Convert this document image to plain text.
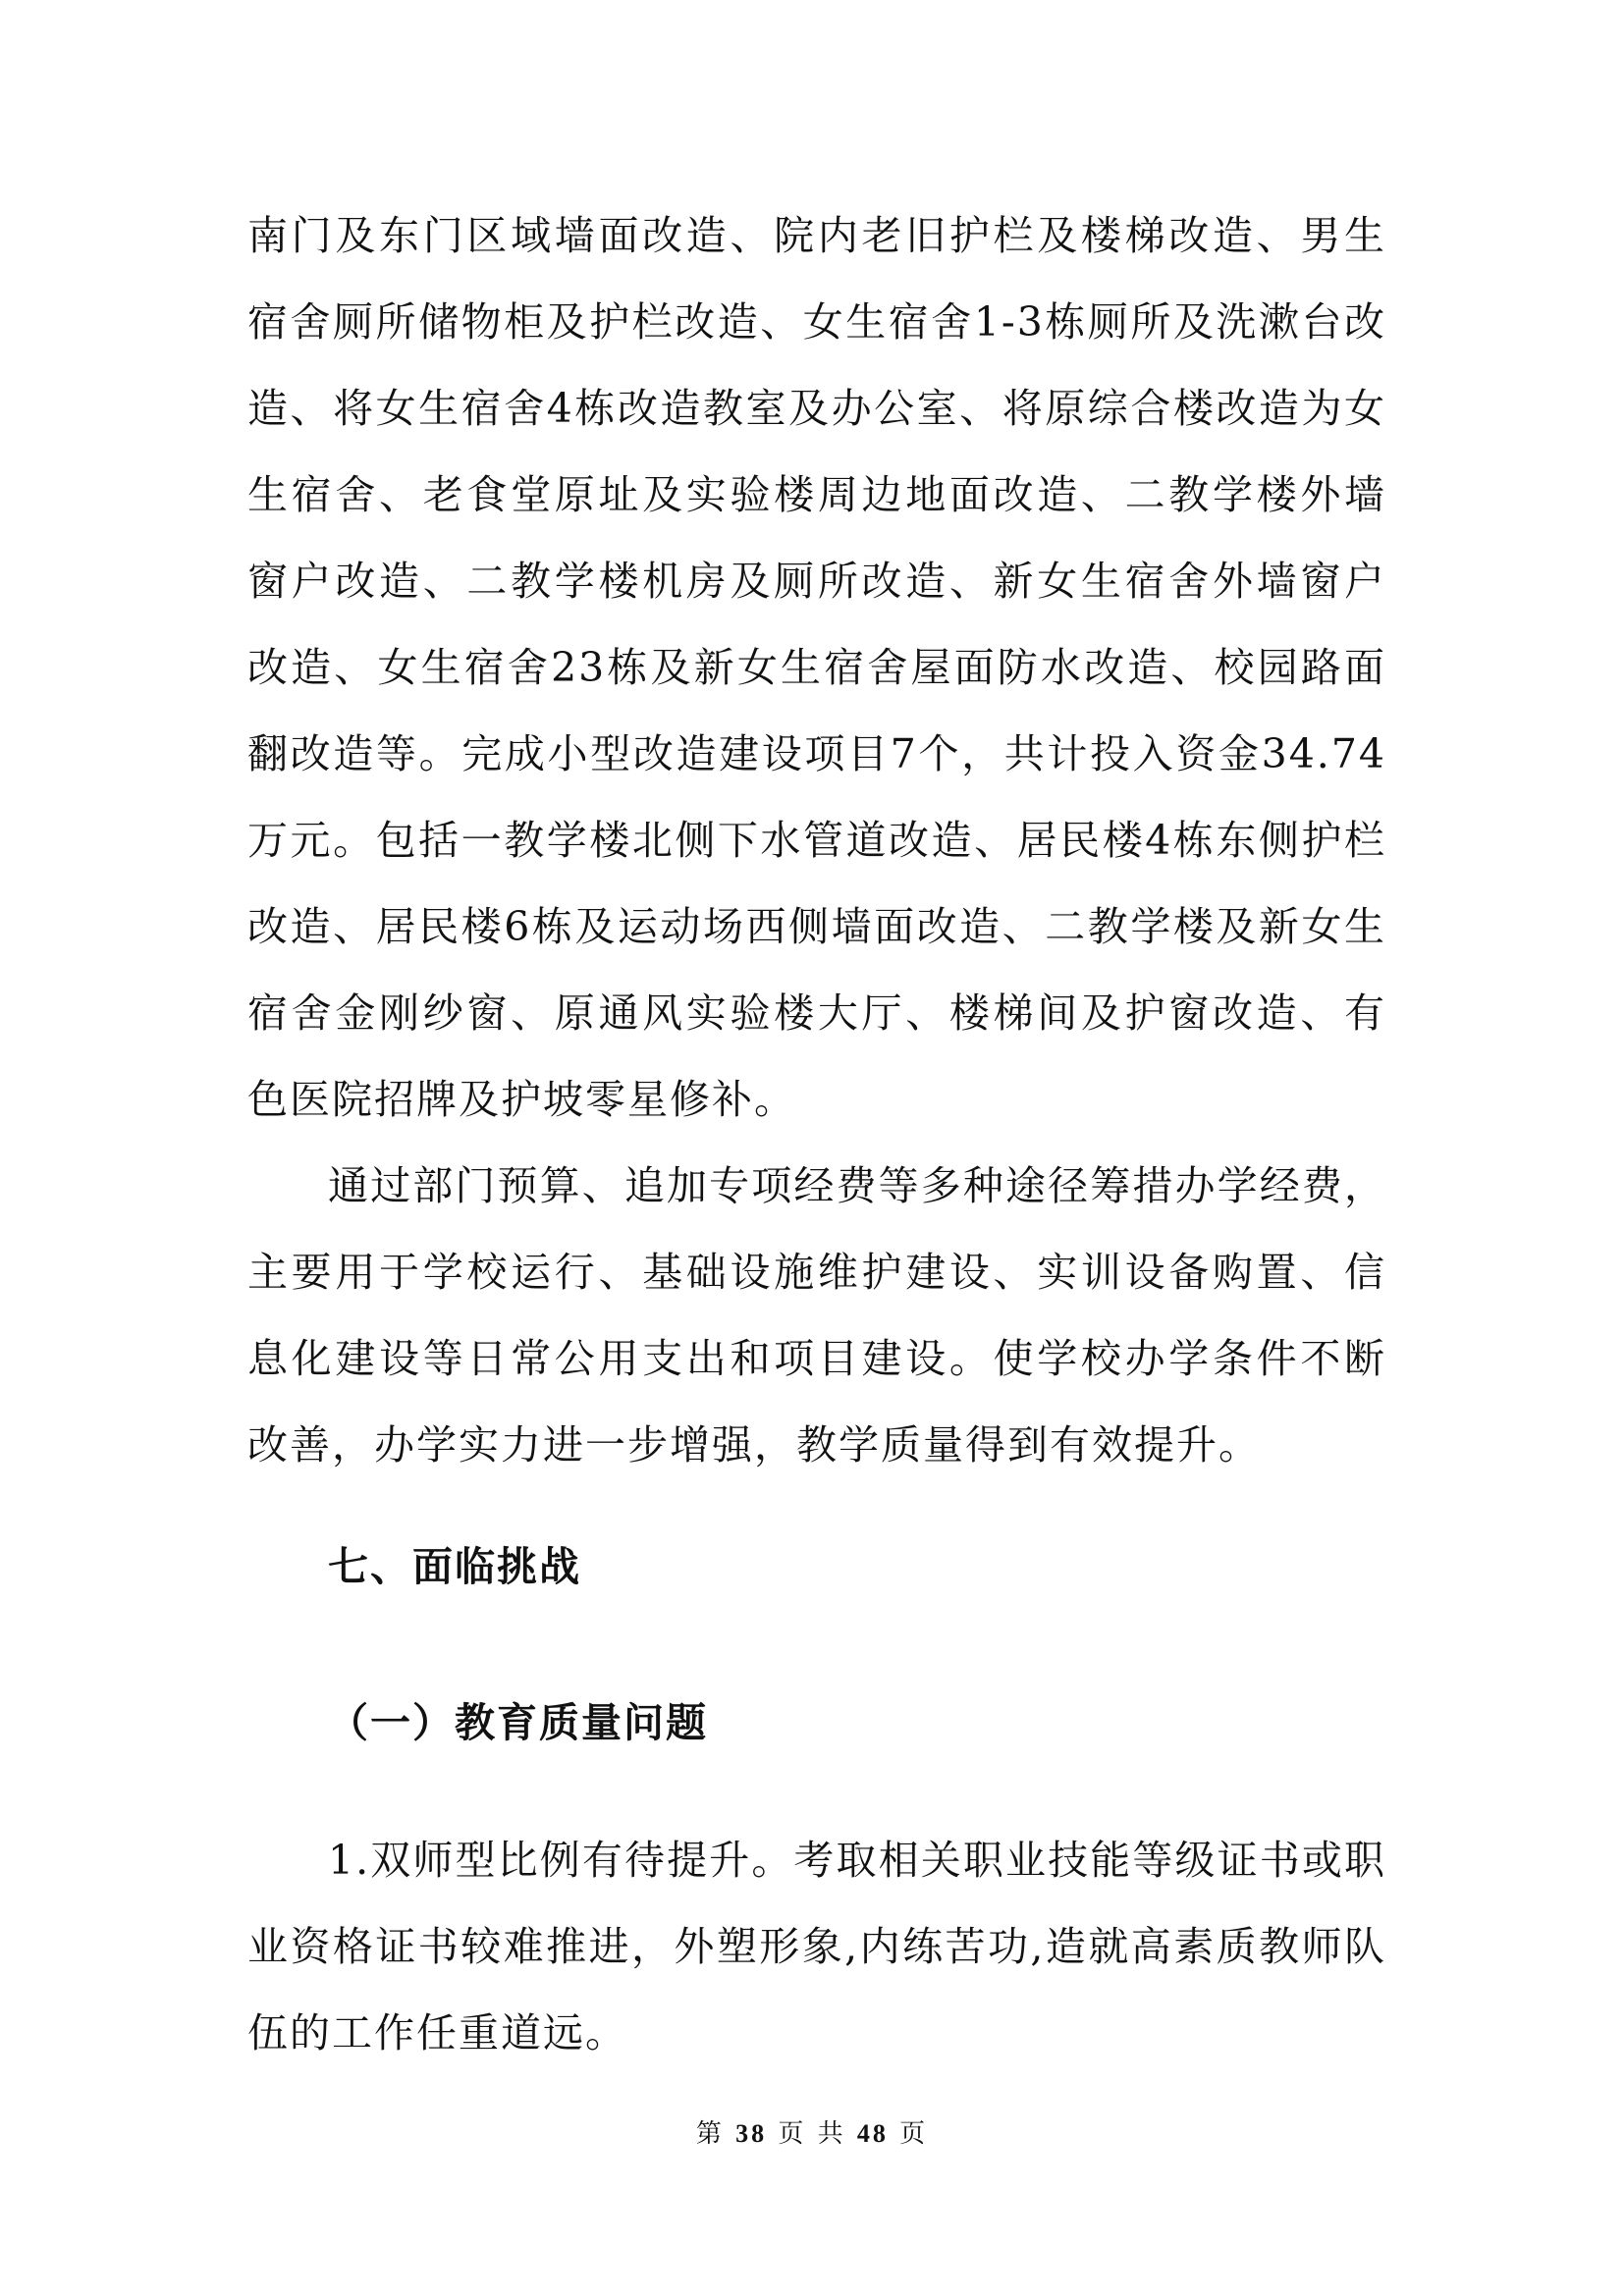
南门及东门区域墙面改造、院内老旧护栏及楼梯改造、男生宿舍厕所储物柜及护栏改造、女生宿舍1-3栋厕所及洗漱台改造、将女生宿舍4栋改造教室及办公室、将原综合楼改造为女生宿舍、老食堂原址及实验楼周边地面改造、二教学楼外墙窗户改造、二教学楼机房及厕所改造、新女生宿舍外墙窗户改造、女生宿舍23栋及新女生宿舍屋面防水改造、校园路面翻改造等。完成小型改造建设项目7个，共计投入资金34.74万元。包括一教学楼北侧下水管道改造、居民楼4栋东侧护栏改造、居民楼6栋及运动场西侧墙面改造、二教学楼及新女生宿舍金刚纱窗、原通风实验楼大厅、楼梯间及护窗改造、有色医院招牌及护坡零星修补。

通过部门预算、追加专项经费等多种途径筹措办学经费，主要用于学校运行、基础设施维护建设、实训设备购置、信息化建设等日常公用支出和项目建设。使学校办学条件不断改善，办学实力进一步增强，教学质量得到有效提升。

七、面临挑战
（一）教育质量问题

1.双师型比例有待提升。考取相关职业技能等级证书或职业资格证书较难推进，外塑形象,内练苦功,造就高素质教师队伍的工作任重道远。

第 38 页 共 48 页
